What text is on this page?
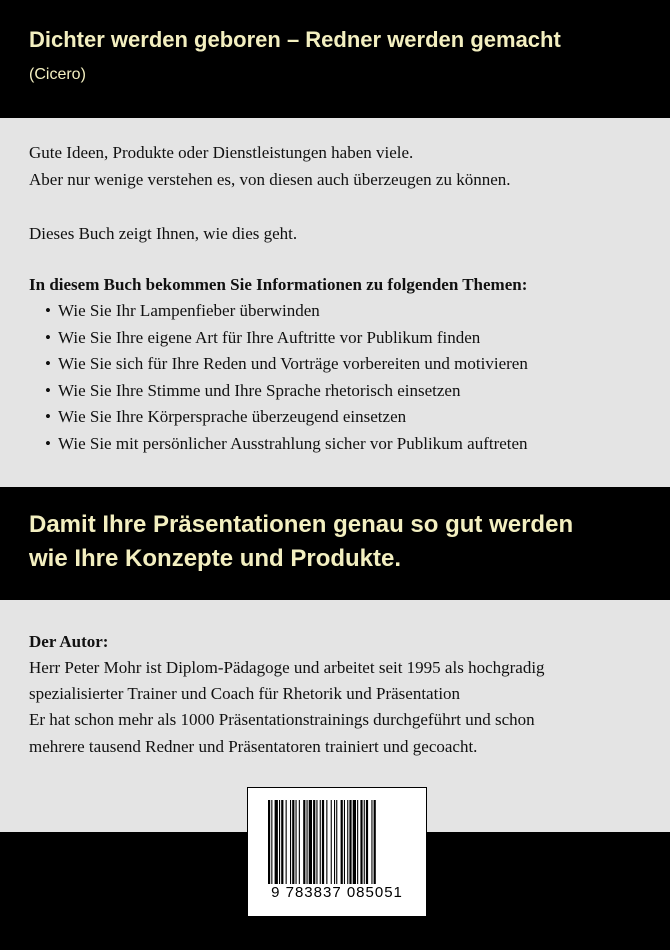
Dichter werden geboren – Redner werden gemacht
(Cicero)
Gute Ideen, Produkte oder Dienstleistungen haben viele.
Aber nur wenige verstehen es, von diesen auch überzeugen zu können.
Dieses Buch zeigt Ihnen, wie dies geht.
In diesem Buch bekommen Sie Informationen zu folgenden Themen:
• Wie Sie Ihr Lampenfieber überwinden
• Wie Sie Ihre eigene Art für Ihre Auftritte vor Publikum finden
• Wie Sie sich für Ihre Reden und Vorträge vorbereiten und motivieren
• Wie Sie Ihre Stimme und Ihre Sprache rhetorisch einsetzen
• Wie Sie Ihre Körpersprache überzeugend einsetzen
• Wie Sie mit persönlicher Ausstrahlung sicher vor Publikum auftreten
Damit Ihre Präsentationen genau so gut werden
wie Ihre Konzepte und Produkte.
Der Autor:
Herr Peter Mohr ist Diplom-Pädagoge und arbeitet seit 1995 als hochgradig
spezialisierter Trainer und Coach für Rhetorik und Präsentation
Er hat schon mehr als 1000 Präsentationstrainings durchgeführt und schon
mehrere tausend Redner und Präsentatoren trainiert und gecoacht.
9 783837 085051
